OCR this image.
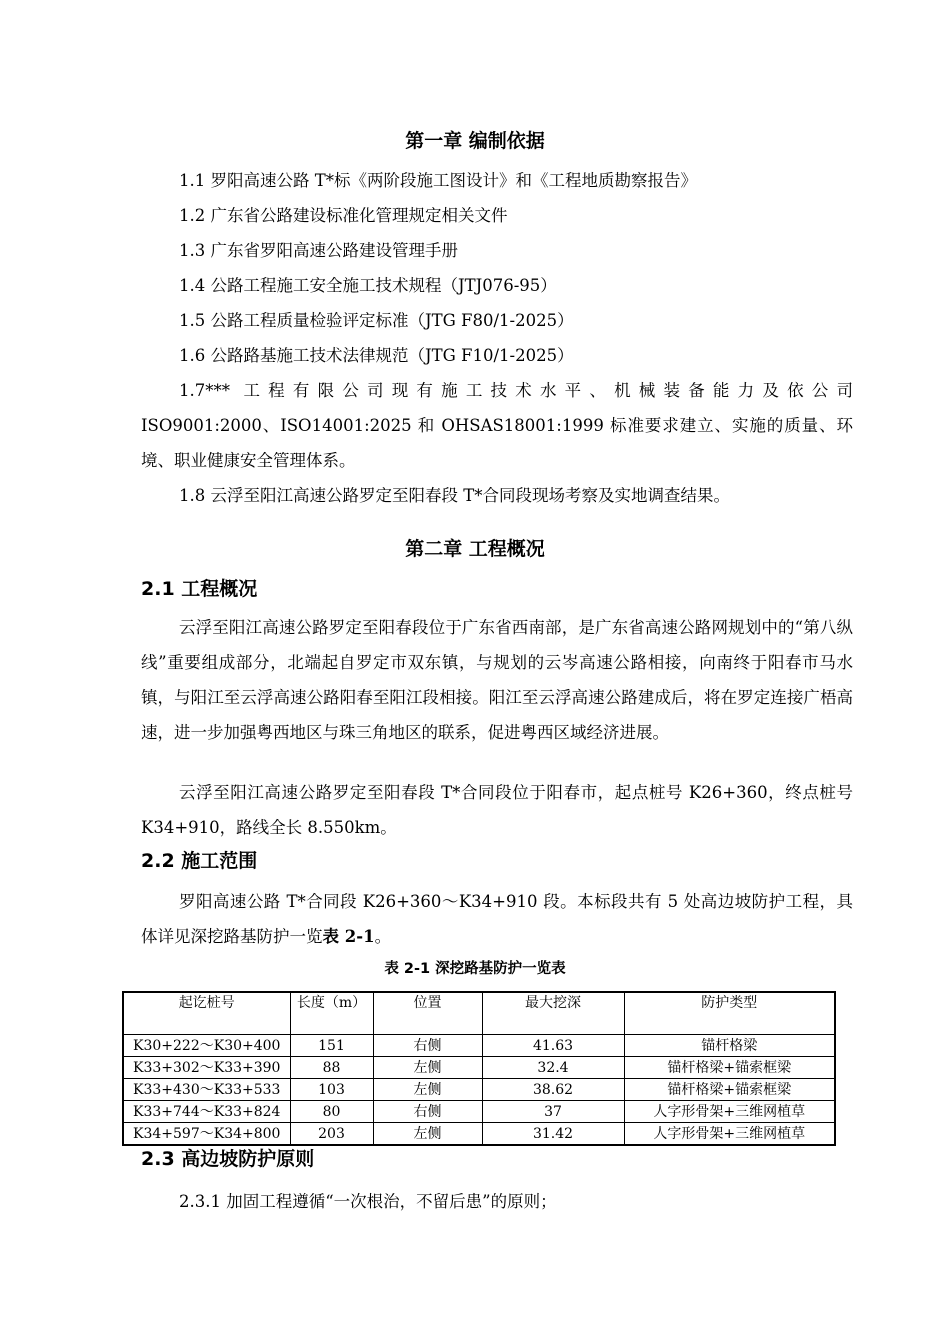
第一章 编制依据
1.1 罗阳高速公路 T*标《两阶段施工图设计》和《工程地质勘察报告》
1.2 广东省公路建设标准化管理规定相关文件
1.3 广东省罗阳高速公路建设管理手册
1.4 公路工程施工安全施工技术规程（JTJ076-95）
1.5 公路工程质量检验评定标准（JTG F80/1-2025）
1.6 公路路基施工技术法律规范（JTG F10/1-2025）
1.7*** 工程有限公司现有施工技术水平、机械装备能力及依公司
ISO9001:2000、ISO14001:2025 和 OHSAS18001:1999 标准要求建立、实施的质量、环境、职业健康安全管理体系。
1.8 云浮至阳江高速公路罗定至阳春段 T*合同段现场考察及实地调查结果。
第二章 工程概况
2.1 工程概况
云浮至阳江高速公路罗定至阳春段位于广东省西南部，是广东省高速公路网规划中的“第八纵线”重要组成部分，北端起自罗定市双东镇，与规划的云岑高速公路相接，向南终于阳春市马水镇，与阳江至云浮高速公路阳春至阳江段相接。阳江至云浮高速公路建成后，将在罗定连接广梧高速，进一步加强粤西地区与珠三角地区的联系，促进粤西区域经济进展。
云浮至阳江高速公路罗定至阳春段 T*合同段位于阳春市，起点桩号 K26+360，终点桩号 K34+910，路线全长 8.550km。
2.2 施工范围
罗阳高速公路 T*合同段 K26+360～K34+910 段。本标段共有 5 处高边坡防护工程，具体详见深挖路基防护一览表 2-1。
表 2-1 深挖路基防护一览表
起讫桩号	长度（m）	位置	最大挖深	防护类型
K30+222～K30+400	151	右侧	41.63	锚杆格梁
K33+302～K33+390	88	左侧	32.4	锚杆格梁+锚索框梁
K33+430～K33+533	103	左侧	38.62	锚杆格梁+锚索框梁
K33+744～K33+824	80	右侧	37	人字形骨架+三维网植草
K34+597～K34+800	203	左侧	31.42	人字形骨架+三维网植草
2.3 高边坡防护原则
2.3.1 加固工程遵循“一次根治，不留后患”的原则；
